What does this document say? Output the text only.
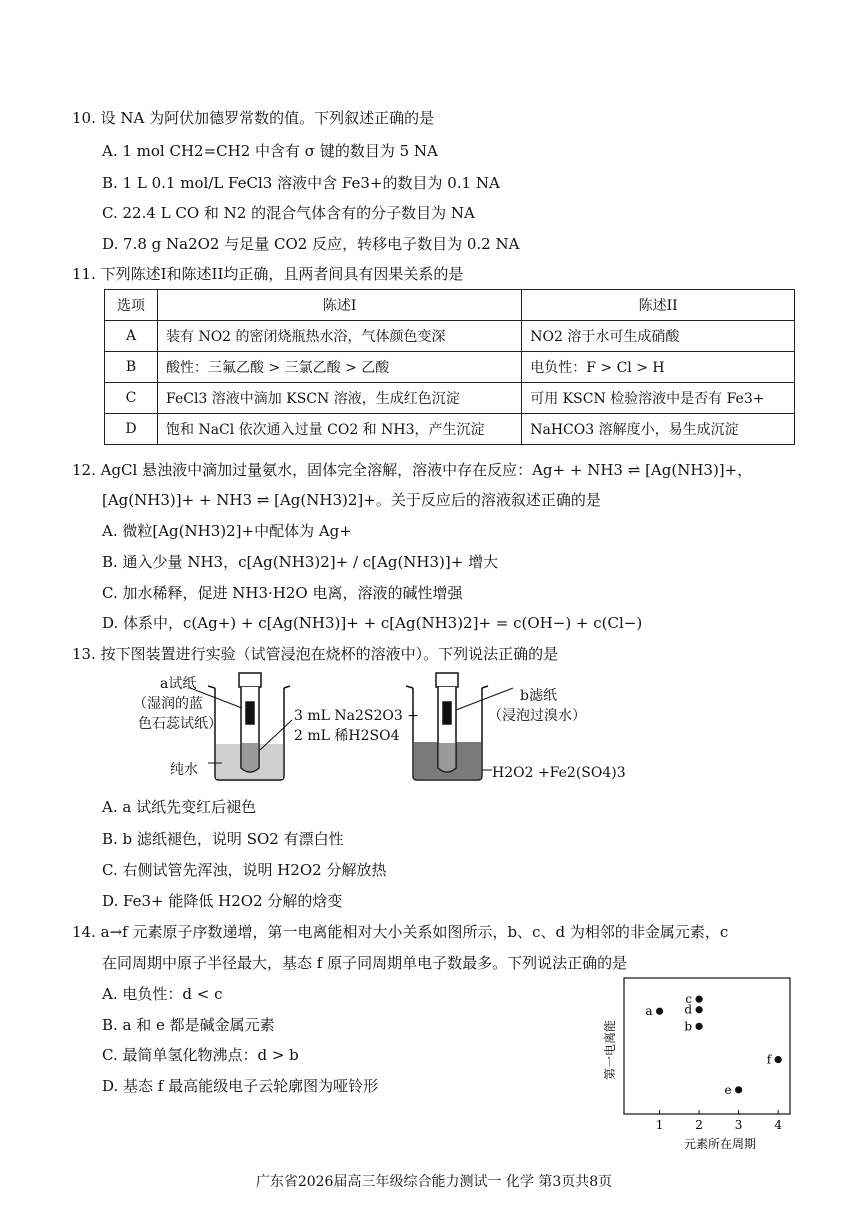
10. 设 NA 为阿伏加德罗常数的值。下列叙述正确的是
A. 1 mol CH2=CH2 中含有 σ 键的数目为 5 NA
B. 1 L 0.1 mol/L FeCl3 溶液中含 Fe3+的数目为 0.1 NA
C. 22.4 L CO 和 N2 的混合气体含有的分子数目为 NA
D. 7.8 g Na2O2 与足量 CO2 反应，转移电子数目为 0.2 NA
11. 下列陈述I和陈述II均正确，且两者间具有因果关系的是
选项	陈述I	陈述II
A	装有 NO2 的密闭烧瓶热水浴，气体颜色变深	NO2 溶于水可生成硝酸
B	酸性：三氟乙酸 > 三氯乙酸 > 乙酸	电负性：F > Cl > H
C	FeCl3 溶液中滴加 KSCN 溶液，生成红色沉淀	可用 KSCN 检验溶液中是否有 Fe3+
D	饱和 NaCl 依次通入过量 CO2 和 NH3，产生沉淀	NaHCO3 溶解度小，易生成沉淀
12. AgCl 悬浊液中滴加过量氨水，固体完全溶解，溶液中存在反应：Ag+ + NH3 ⇌ [Ag(NH3)]+，
[Ag(NH3)]+ + NH3 ⇌ [Ag(NH3)2]+。关于反应后的溶液叙述正确的是
A. 微粒[Ag(NH3)2]+中配体为 Ag+
B. 通入少量 NH3，c[Ag(NH3)2]+ / c[Ag(NH3)]+ 增大
C. 加水稀释，促进 NH3·H2O 电离，溶液的碱性增强
D. 体系中，c(Ag+) + c[Ag(NH3)]+ + c[Ag(NH3)2]+ = c(OH−) + c(Cl−)
13. 按下图装置进行实验（试管浸泡在烧杯的溶液中）。下列说法正确的是
a试纸
（湿润的蓝
色石蕊试纸）	3 mL Na2S2O3 +
2 mL 稀H2SO4
b滤纸
（浸泡过溴水）
纯水	H2O2 +Fe2(SO4)3
A. a 试纸先变红后褪色
B. b 滤纸褪色，说明 SO2 有漂白性
C. 右侧试管先浑浊，说明 H2O2 分解放热
D. Fe3+ 能降低 H2O2 分解的焓变
14. a→f 元素原子序数递增，第一电离能相对大小关系如图所示，b、c、d 为相邻的非金属元素，c
在同周期中原子半径最大，基态 f 原子同周期单电子数最多。下列说法正确的是
A. 电负性：d < c
B. a 和 e 都是碱金属元素
C. 最简单氢化物沸点：d > b
D. 基态 f 最高能级电子云轮廓图为哑铃形
第一电离能
1	2	3	4
a
c
d
b
f
e
元素所在周期
广东省2026届高三年级综合能力测试一 化学 第3页共8页
